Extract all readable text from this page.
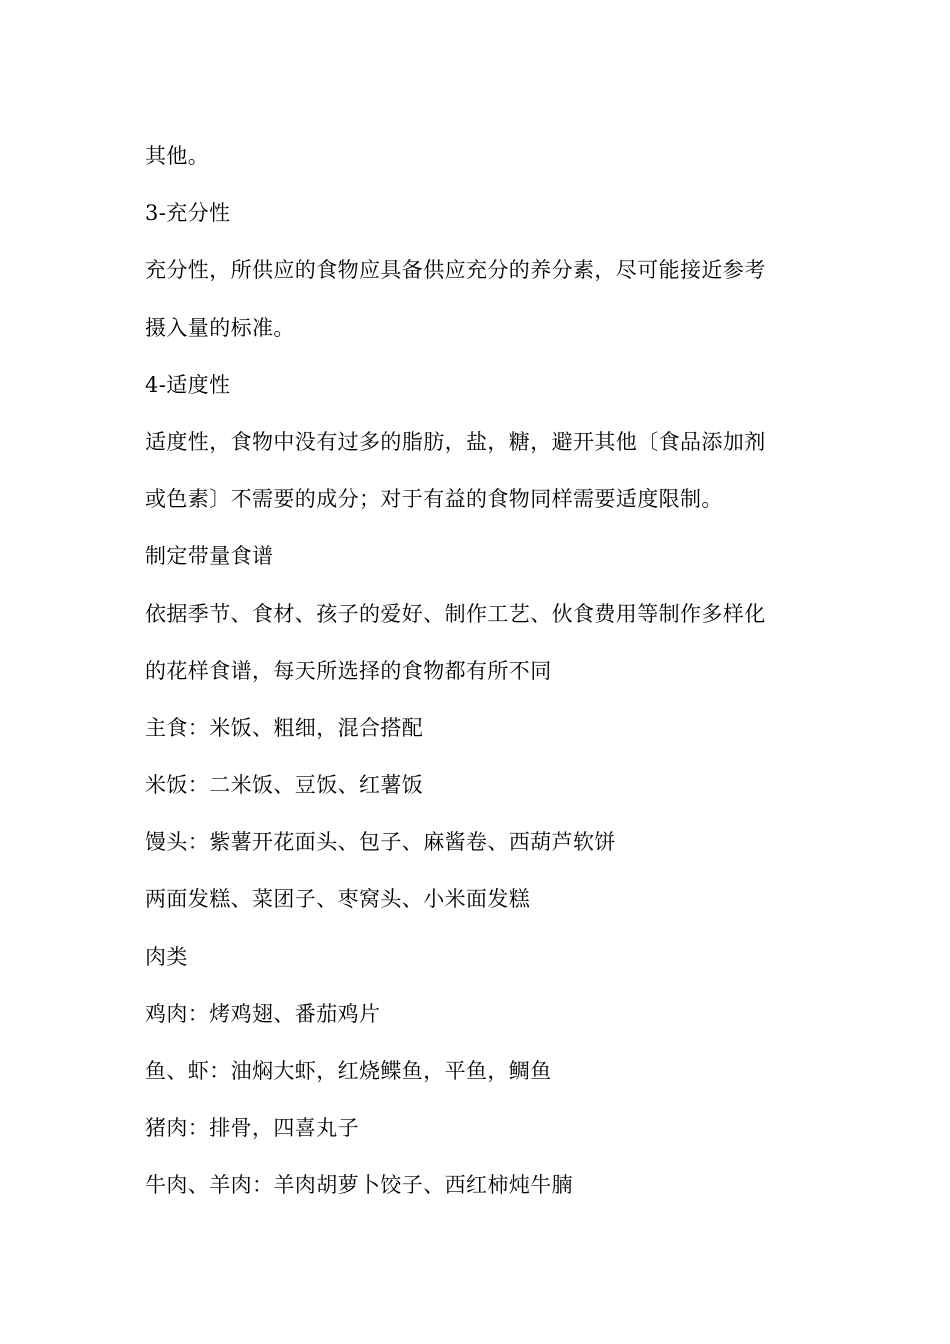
其他。
3-充分性
充分性，所供应的食物应具备供应充分的养分素，尽可能接近参考
摄入量的标准。
4-适度性
适度性，食物中没有过多的脂肪，盐，糖，避开其他〔食品添加剂
或色素〕不需要的成分；对于有益的食物同样需要适度限制。
制定带量食谱
依据季节、食材、孩子的爱好、制作工艺、伙食费用等制作多样化
的花样食谱，每天所选择的食物都有所不同
主食：米饭、粗细，混合搭配
米饭：二米饭、豆饭、红薯饭
馒头：紫薯开花面头、包子、麻酱卷、西葫芦软饼
两面发糕、菜团子、枣窝头、小米面发糕
肉类
鸡肉：烤鸡翅、番茄鸡片
鱼、虾：油焖大虾，红烧鲽鱼，平鱼，鲷鱼
猪肉：排骨，四喜丸子
牛肉、羊肉：羊肉胡萝卜饺子、西红柿炖牛腩
